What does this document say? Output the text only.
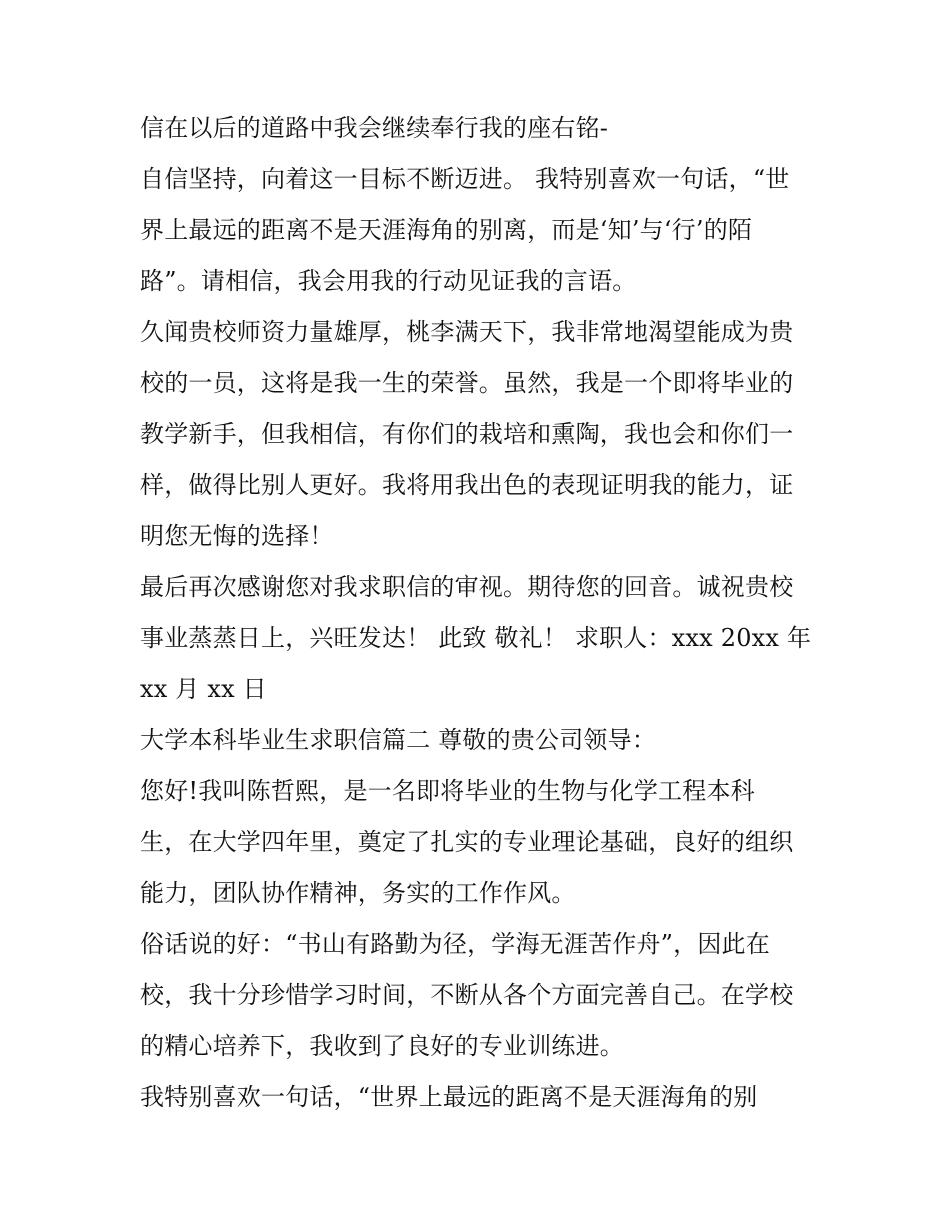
信在以后的道路中我会继续奉行我的座右铭-
自信坚持，向着这一目标不断迈进。 我特别喜欢一句话，“世
界上最远的距离不是天涯海角的别离，而是‘知’与‘行’的陌
路”。请相信，我会用我的行动见证我的言语。
久闻贵校师资力量雄厚，桃李满天下，我非常地渴望能成为贵
校的一员，这将是我一生的荣誉。虽然，我是一个即将毕业的
教学新手，但我相信，有你们的栽培和熏陶，我也会和你们一
样，做得比别人更好。我将用我出色的表现证明我的能力，证
明您无悔的选择！
最后再次感谢您对我求职信的审视。期待您的回音。诚祝贵校
事业蒸蒸日上，兴旺发达！ 此致 敬礼！ 求职人：xxx 20xx 年
xx 月 xx 日
大学本科毕业生求职信篇二 尊敬的贵公司领导：
您好!我叫陈哲熙，是一名即将毕业的生物与化学工程本科
生，在大学四年里，奠定了扎实的专业理论基础，良好的组织
能力，团队协作精神，务实的工作作风。
俗话说的好：“书山有路勤为径，学海无涯苦作舟”，因此在
校，我十分珍惜学习时间，不断从各个方面完善自己。在学校
的精心培养下，我收到了良好的专业训练进。
我特别喜欢一句话，“世界上最远的距离不是天涯海角的别
